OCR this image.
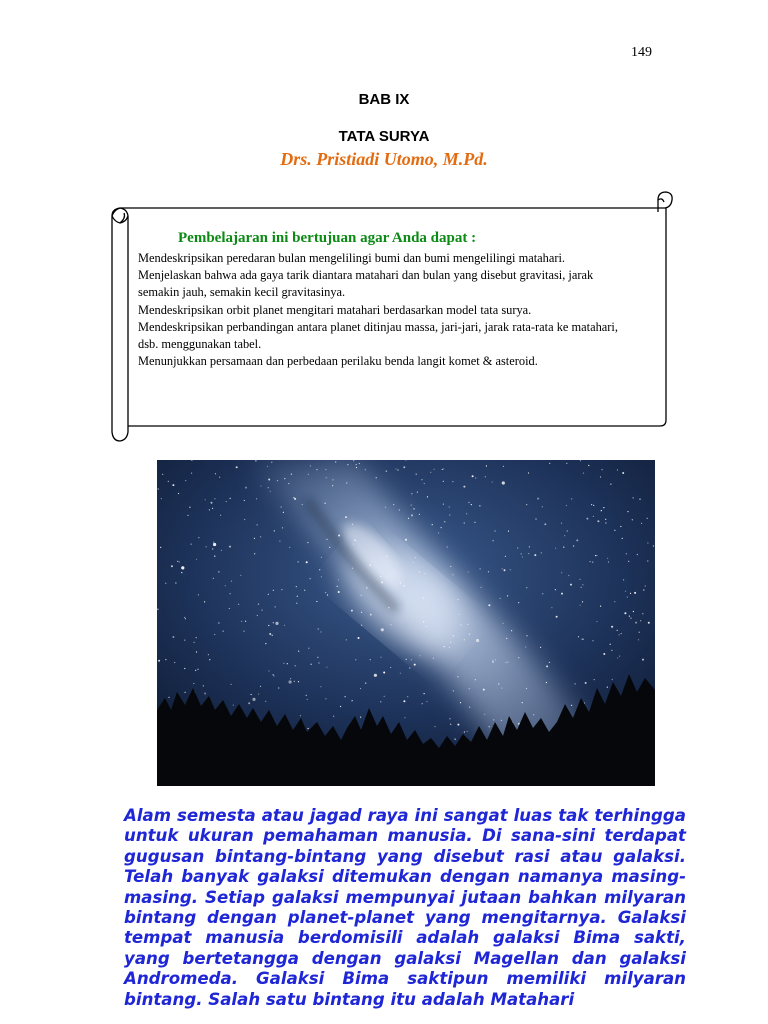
149
BAB IX
TATA SURYA
Drs. Pristiadi Utomo, M.Pd.
Pembelajaran ini bertujuan agar Anda dapat :

Mendeskripsikan peredaran bulan mengelilingi bumi dan bumi mengelilingi matahari.

Menjelaskan bahwa ada gaya tarik diantara matahari dan bulan yang disebut gravitasi, jarak semakin jauh, semakin kecil gravitasinya.

Mendeskripsikan orbit planet mengitari matahari berdasarkan model tata surya.

Mendeskripsikan perbandingan antara planet ditinjau massa, jari-jari, jarak rata-rata ke matahari, dsb. menggunakan tabel.

Menunjukkan persamaan dan perbedaan perilaku benda langit komet & asteroid.

Alam semesta atau jagad raya ini sangat luas tak terhingga untuk ukuran pemahaman manusia. Di sana-sini terdapat gugusan bintang-bintang yang disebut rasi atau galaksi. Telah banyak galaksi ditemukan dengan namanya masing-masing. Setiap galaksi mempunyai jutaan bahkan milyaran bintang dengan planet-planet yang mengitarnya. Galaksi tempat manusia berdomisili adalah galaksi Bima sakti, yang bertetangga dengan galaksi Magellan dan galaksi Andromeda. Galaksi Bima saktipun memiliki milyaran bintang. Salah satu bintang itu adalah Matahari
